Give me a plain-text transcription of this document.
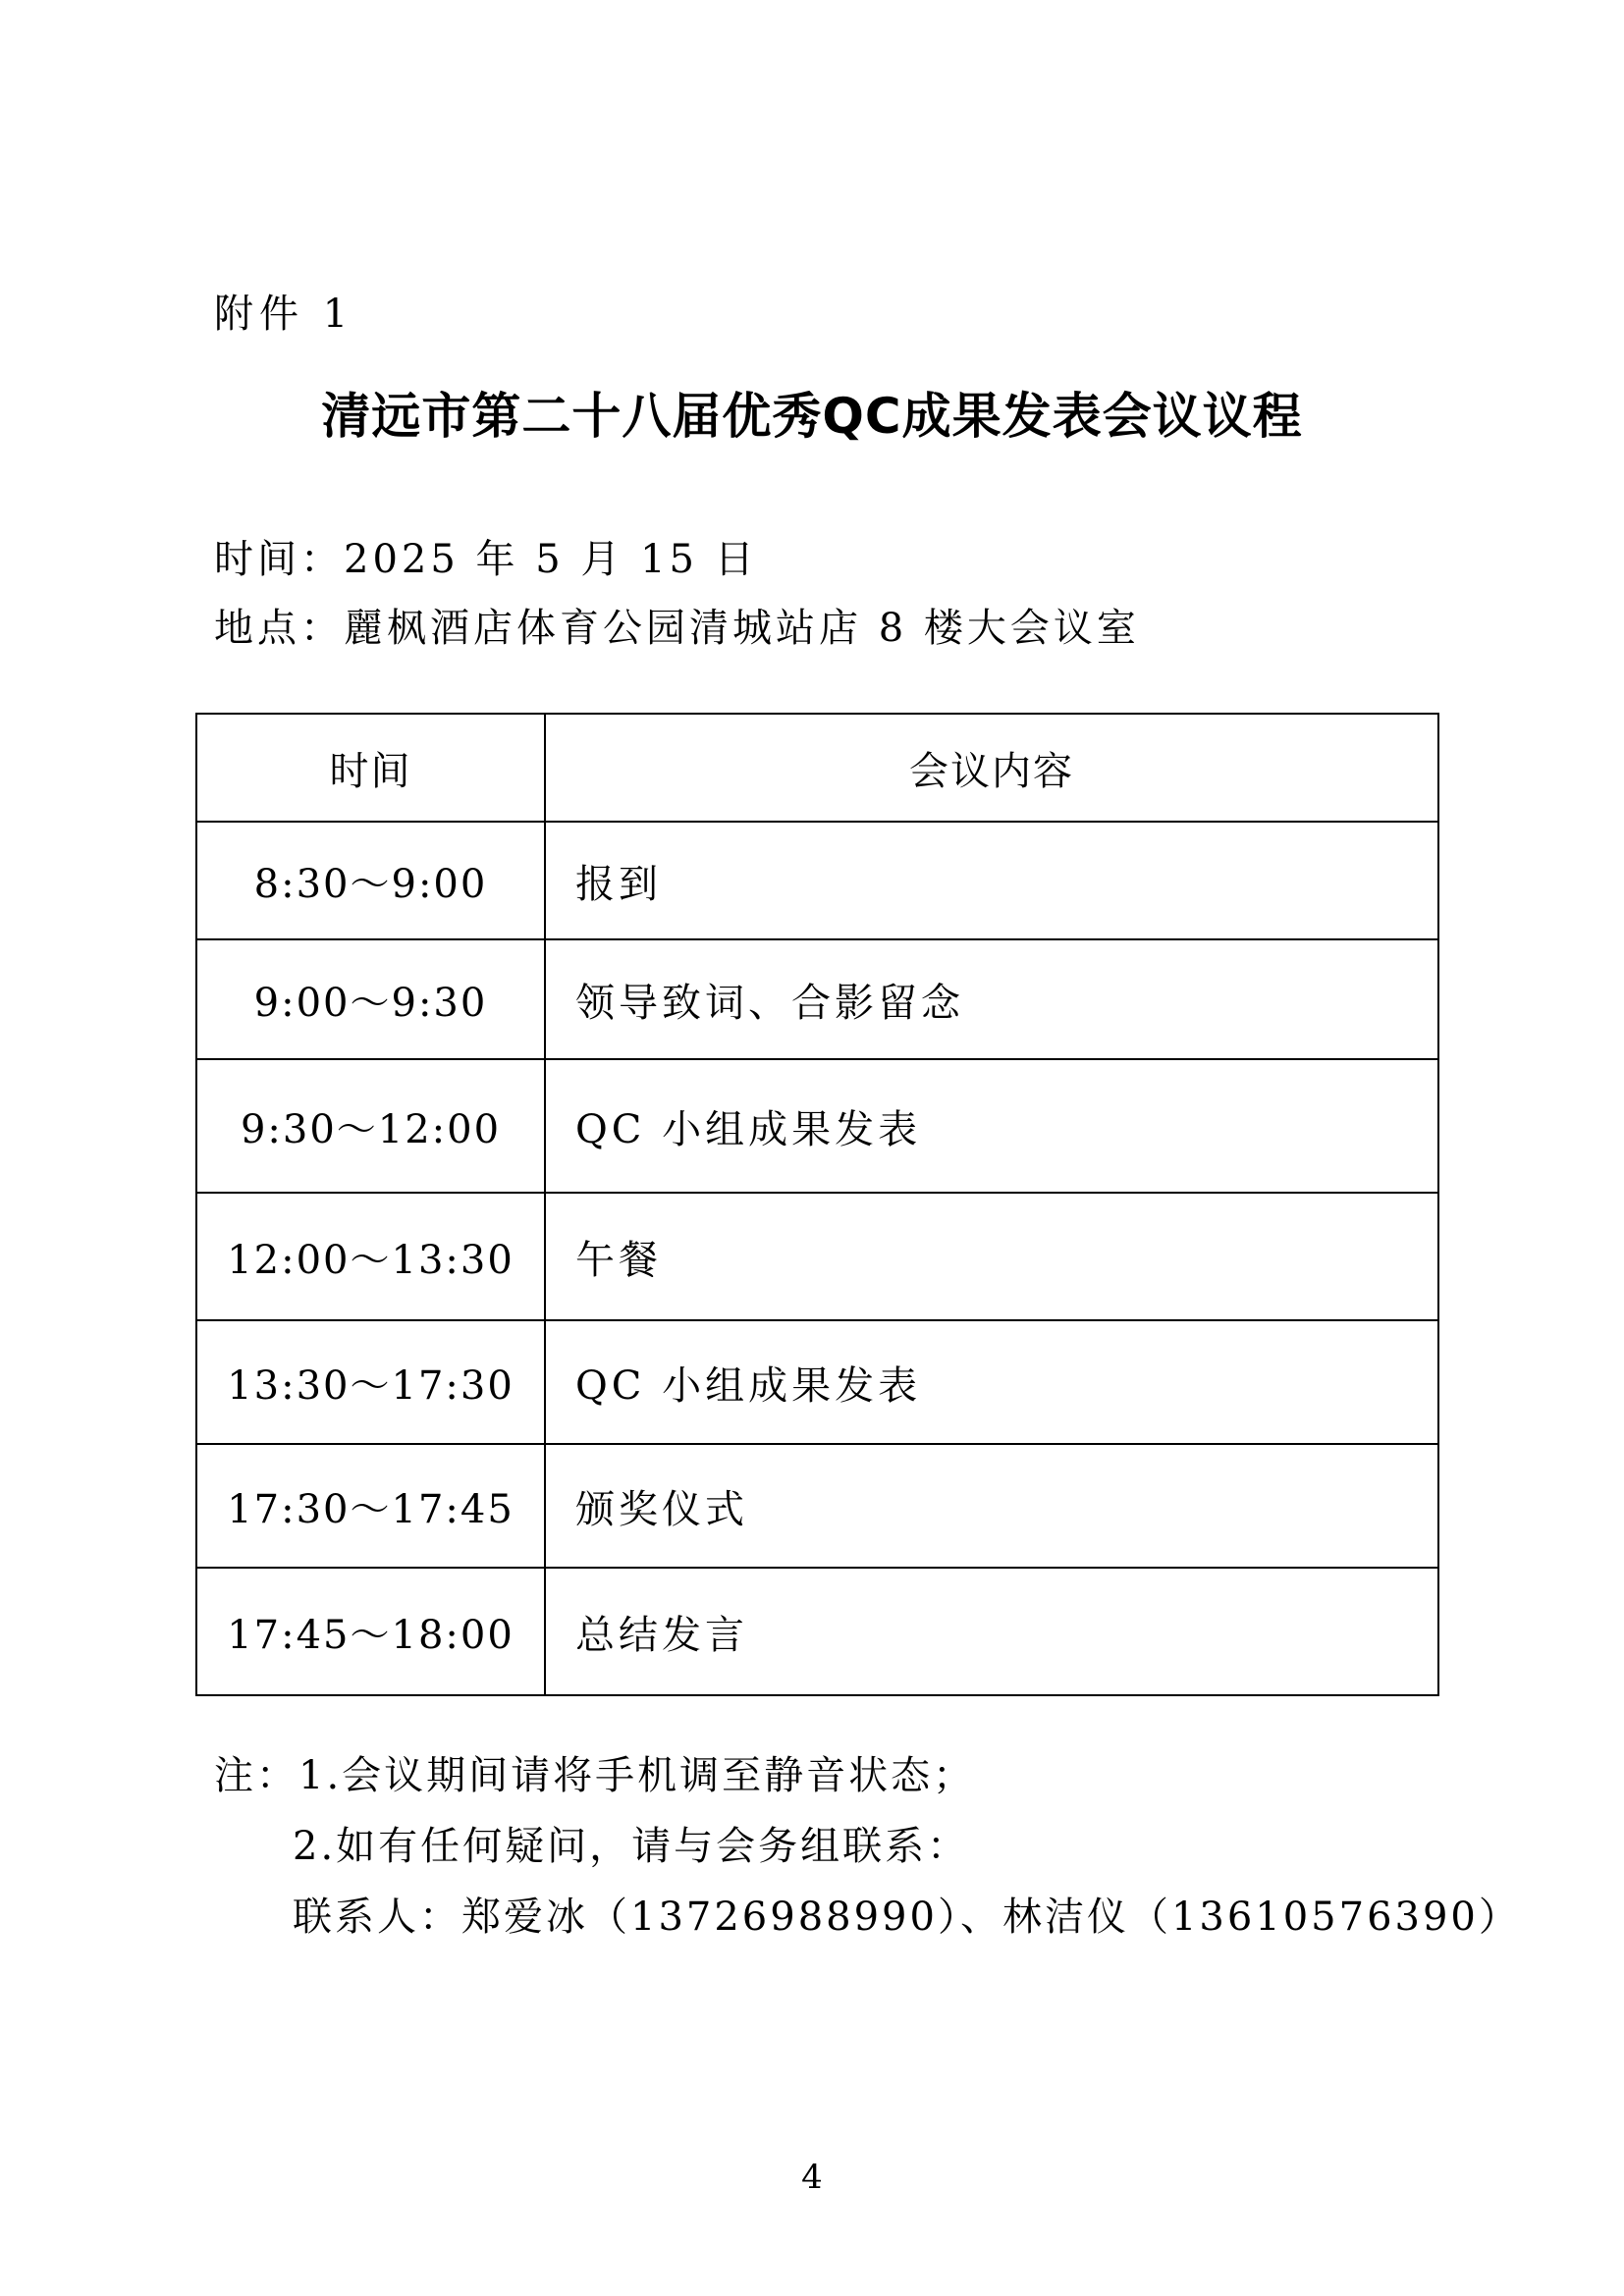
附件 1
清远市第二十八届优秀QC成果发表会议议程
时间：2025 年 5 月 15 日
地点：麗枫酒店体育公园清城站店 8 楼大会议室
时间	会议内容
8:30～9:00	报到
9:00～9:30	领导致词、合影留念
9:30～12:00	QC 小组成果发表
12:00～13:30	午餐
13:30～17:30	QC 小组成果发表
17:30～17:45	颁奖仪式
17:45～18:00	总结发言
注：1.会议期间请将手机调至静音状态；
2.如有任何疑问，请与会务组联系：
联系人：郑爱冰（13726988990）、林洁仪（13610576390）
4
